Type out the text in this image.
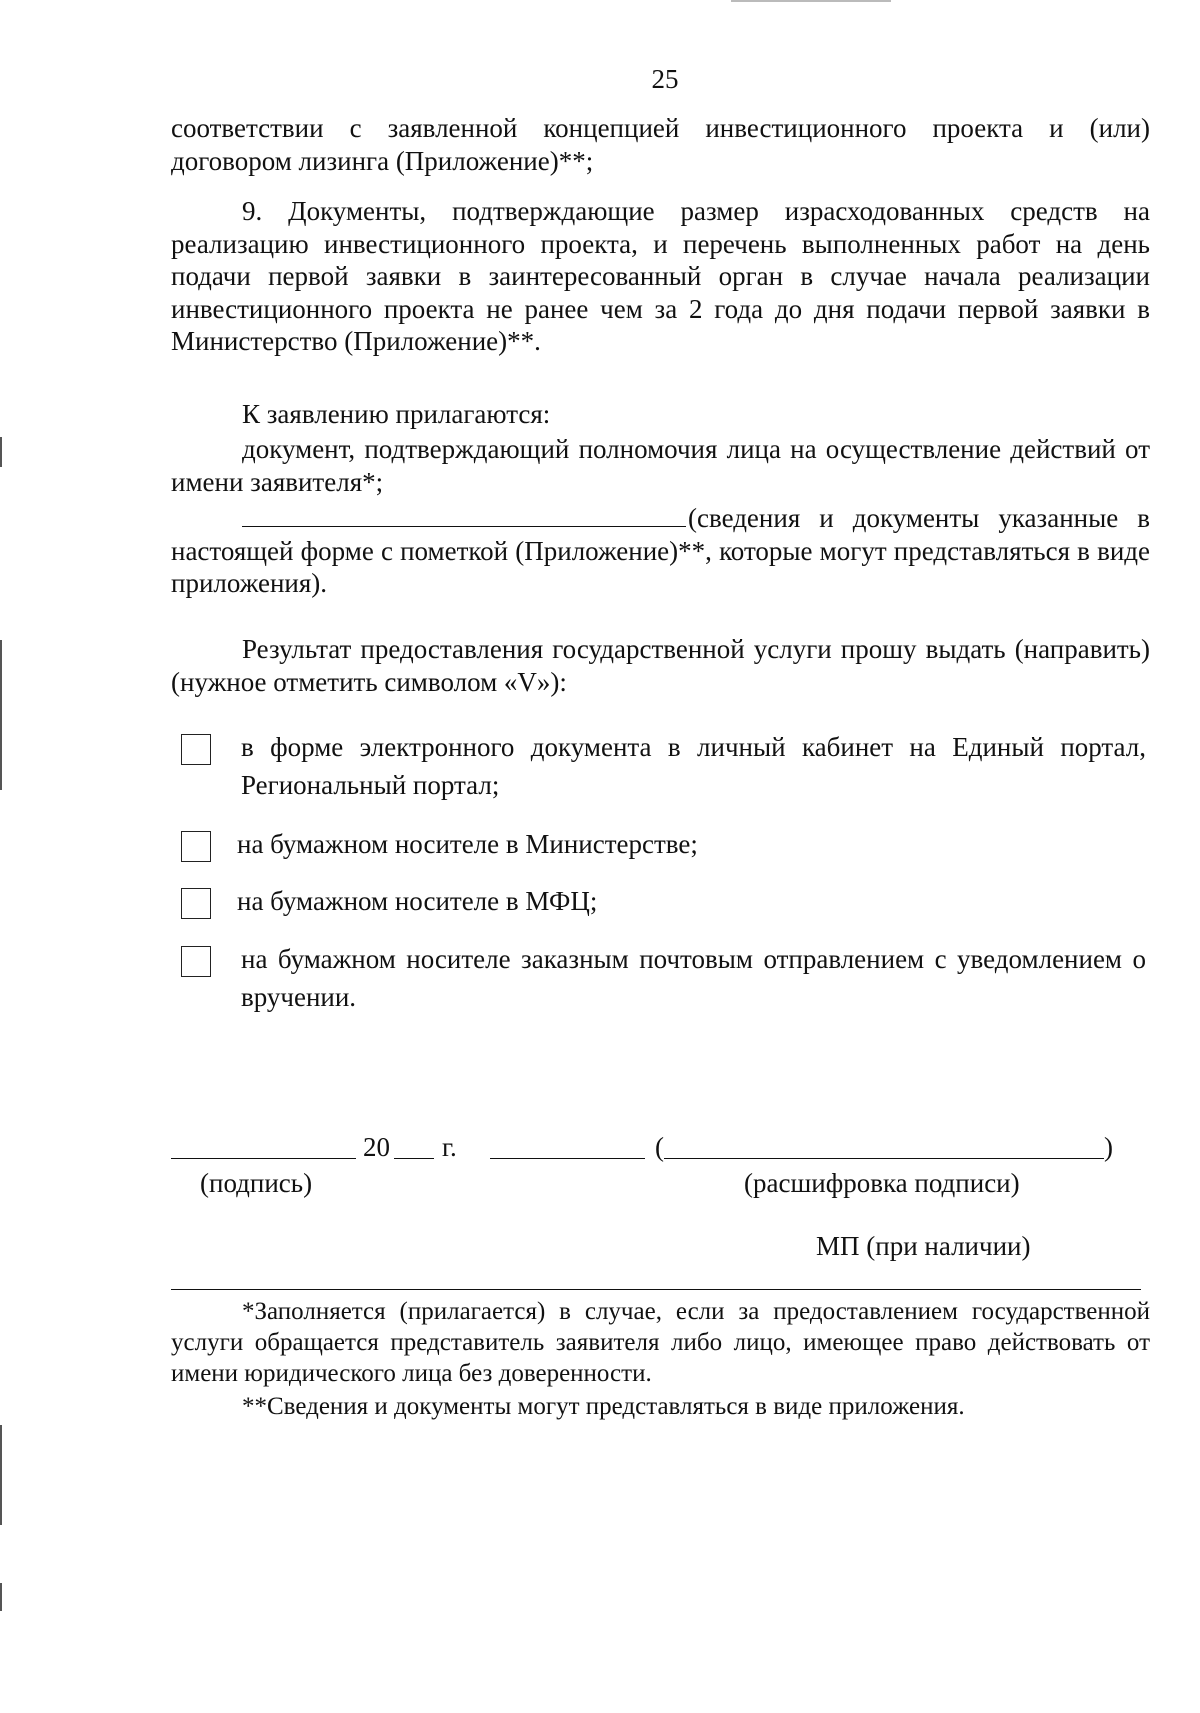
25
соответствии с заявленной концепцией инвестиционного проекта и (или)
договором лизинга (Приложение)**;
9. Документы, подтверждающие размер израсходованных средств на реализацию инвестиционного проекта, и перечень выполненных работ на день подачи первой заявки в заинтересованный орган в случае начала реализации инвестиционного проекта не ранее чем за 2 года до дня подачи первой заявки в Министерство (Приложение)**.
К заявлению прилагаются:
документ, подтверждающий полномочия лица на осуществление действий от имени заявителя*;
(сведения и документы указанные в настоящей форме с пометкой (Приложение)**, которые могут представляться в виде приложения).
Результат предоставления государственной услуги прошу выдать (направить) (нужное отметить символом «V»):
в форме электронного документа в личный кабинет на Единый портал, Региональный портал;
на бумажном носителе в Министерстве;
на бумажном носителе в МФЦ;
на бумажном носителе заказным почтовым отправлением с уведомлением о вручении.
20 г.	(	)
(подпись)	(расшифровка подписи)
МП (при наличии)
*Заполняется (прилагается) в случае, если за предоставлением государственной услуги обращается представитель заявителя либо лицо, имеющее право действовать от имени юридического лица без доверенности.
**Сведения и документы могут представляться в виде приложения.
